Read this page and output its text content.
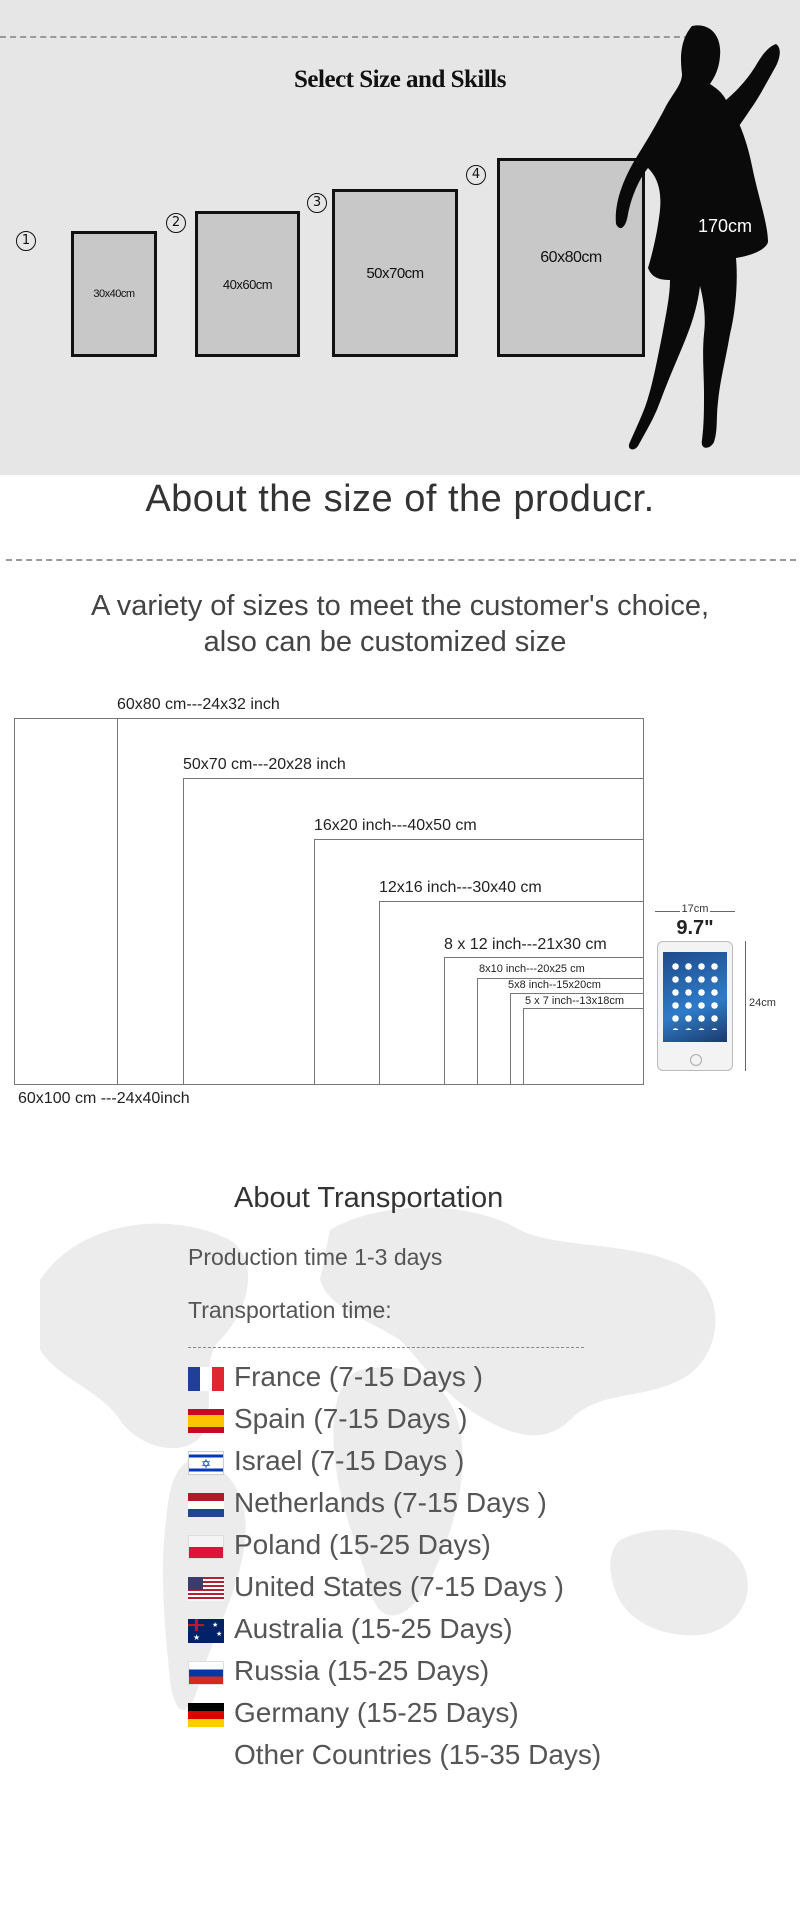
Select Size and Skills
1
2
3
4
30x40cm
40x60cm
50x70cm
60x80cm
170cm
About the size of the producr.
A variety of sizes to meet the customer's choice,
also can be customized size
60x80 cm---24x32 inch
50x70 cm---20x28 inch
16x20 inch---40x50 cm
12x16 inch---30x40 cm
8 x 12 inch---21x30 cm
8x10 inch---20x25 cm
5x8 inch--15x20cm
5 x 7 inch--13x18cm
60x100 cm ---24x40inch
17cm
9.7"
24cm
About Transportation
Production time 1-3 days
Transportation time:
France (7-15 Days )
Spain (7-15 Days )
✡ Israel (7-15 Days )
Netherlands (7-15 Days )
Poland (15-25 Days)
United States (7-15 Days )
★
★
★ Australia (15-25 Days)
Russia (15-25 Days)
Germany (15-25 Days)
Other Countries (15-35 Days)
